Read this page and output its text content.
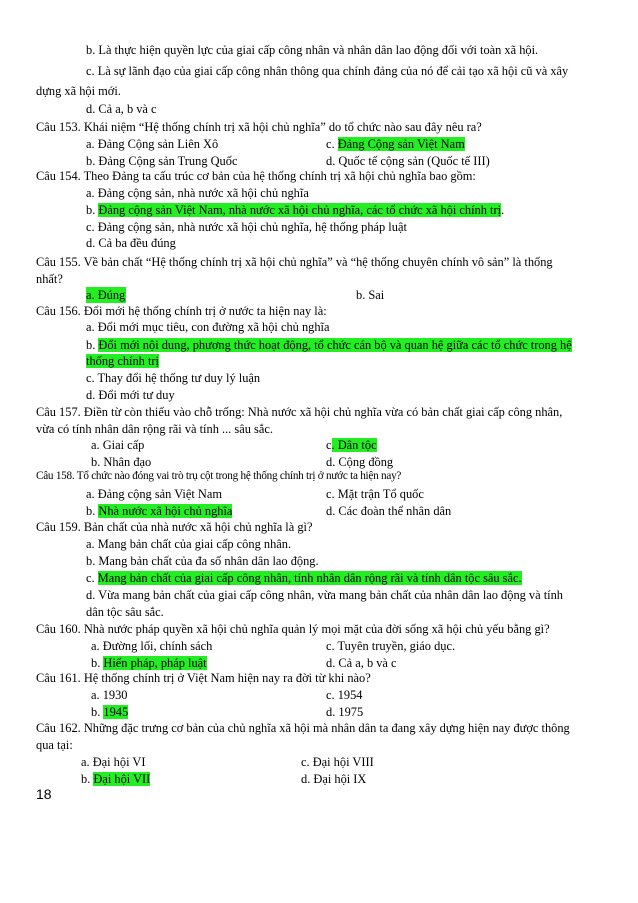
b. Là thực hiện quyền lực của giai cấp công nhân và nhân dân lao động đối với toàn xã hội.
c. Là sự lãnh đạo của giai cấp công nhân thông qua chính đảng của nó để cải tạo xã hội cũ và xây
dựng xã hội mới.
d. Cả a, b và c
Câu 153. Khái niệm “Hệ thống chính trị xã hội chủ nghĩa” do tổ chức nào sau đây nêu ra?
a. Đảng Cộng sản Liên Xô	c. Đảng Cộng sản Việt Nam
b. Đảng Cộng sản Trung Quốc	d. Quốc tế cộng sản (Quốc tế III)
Câu 154. Theo Đảng ta cấu trúc cơ bản của hệ thống chính trị xã hội chủ nghĩa bao gồm:
a. Đảng cộng sản, nhà nước xã hội chủ nghĩa
b. Đảng cộng sản Việt Nam, nhà nước xã hội chủ nghĩa, các tổ chức xã hội chính trị.
c. Đảng cộng sản, nhà nước xã hội chủ nghĩa, hệ thống pháp luật
d. Cả ba đều đúng
Câu 155. Về bản chất “Hệ thống chính trị xã hội chủ nghĩa” và “hệ thống chuyên chính vô sản” là thống
nhất?
a. Đúng	b. Sai
Câu 156. Đổi mới hệ thống chính trị ở nước ta hiện nay là:
a. Đổi mới mục tiêu, con đường xã hội chủ nghĩa
b. Đổi mới nội dung, phương thức hoạt động, tổ chức cán bộ và quan hệ giữa các tổ chức trong hệ
thống chính trị
c. Thay đổi hệ thống tư duy lý luận
d. Đổi mới tư duy
Câu 157. Điền từ còn thiếu vào chỗ trống: Nhà nước xã hội chủ nghĩa vừa có bản chất giai cấp công nhân,
vừa có tính nhân dân rộng rãi và tính ... sâu sắc.
a. Giai cấp	c. Dân tộc
b. Nhân đạo	d. Cộng đồng
Câu 158. Tổ chức nào đóng vai trò trụ cột trong hệ thống chính trị ở nước ta hiện nay?
a. Đảng cộng sản Việt Nam	c. Mặt trận Tổ quốc
b. Nhà nước xã hội chủ nghĩa	d. Các đoàn thể nhân dân
Câu 159. Bản chất của nhà nước xã hội chủ nghĩa là gì?
a. Mang bản chất của giai cấp công nhân.
b. Mang bản chất của đa số nhân dân lao động.
c. Mang bản chất của giai cấp công nhân, tính nhân dân rộng rãi và tính dân tộc sâu sắc.
d. Vừa mang bản chất của giai cấp công nhân, vừa mang bản chất của nhân dân lao động và tính
dân tộc sâu sắc.
Câu 160. Nhà nước pháp quyền xã hội chủ nghĩa quản lý mọi mặt của đời sống xã hội chủ yếu bằng gì?
a. Đường lối, chính sách	c. Tuyên truyền, giáo dục.
b. Hiến pháp, pháp luật	d. Cả a, b và c
Câu 161. Hệ thống chính trị ở Việt Nam hiện nay ra đời từ khi nào?
a. 1930	c. 1954
b. 1945	d. 1975
Câu 162. Những đặc trưng cơ bản của chủ nghĩa xã hội mà nhân dân ta đang xây dựng hiện nay được thông
qua tại:
a. Đại hội VI	c. Đại hội VIII
b. Đại hội VII	d. Đại hội IX
18
